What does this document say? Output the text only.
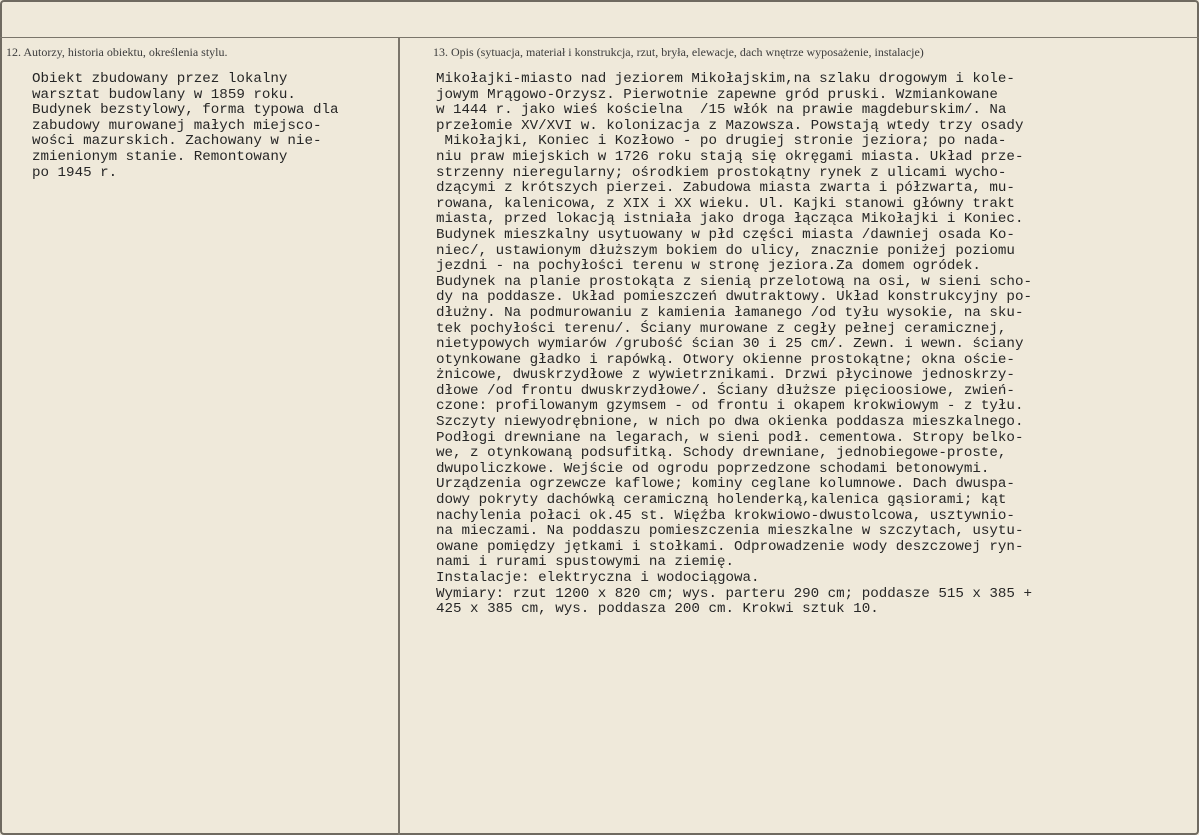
12. Autorzy, historia obiektu, określenia stylu.	13. Opis (sytuacja, materiał i konstrukcja, rzut, bryła, elewacje, dach wnętrze wyposażenie, instalacje)
Obiekt zbudowany przez lokalny
warsztat budowlany w 1859 roku.
Budynek bezstylowy, forma typowa dla
zabudowy murowanej małych miejsco-
wości mazurskich. Zachowany w nie-
zmienionym stanie. Remontowany
po 1945 r.
Mikołajki-miasto nad jeziorem Mikołajskim,na szlaku drogowym i kole-
jowym Mrągowo-Orzysz. Pierwotnie zapewne gród pruski. Wzmiankowane
w 1444 r. jako wieś kościelna  /15 włók na prawie magdeburskim/. Na
przełomie XV/XVI w. kolonizacja z Mazowsza. Powstają wtedy trzy osady
Mikołajki, Koniec i Kozłowo - po drugiej stronie jeziora; po nada-
niu praw miejskich w 1726 roku stają się okręgami miasta. Układ prze-
strzenny nieregularny; ośrodkiem prostokątny rynek z ulicami wycho-
dzącymi z krótszych pierzei. Zabudowa miasta zwarta i półzwarta, mu-
rowana, kalenicowa, z XIX i XX wieku. Ul. Kajki stanowi główny trakt
miasta, przed lokacją istniała jako droga łącząca Mikołajki i Koniec.
Budynek mieszkalny usytuowany w płd części miasta /dawniej osada Ko-
niec/, ustawionym dłuższym bokiem do ulicy, znacznie poniżej poziomu
jezdni - na pochyłości terenu w stronę jeziora.Za domem ogródek.
Budynek na planie prostokąta z sienią przelotową na osi, w sieni scho-
dy na poddasze. Układ pomieszczeń dwutraktowy. Układ konstrukcyjny po-
dłużny. Na podmurowaniu z kamienia łamanego /od tyłu wysokie, na sku-
tek pochyłości terenu/. Ściany murowane z cegły pełnej ceramicznej,
nietypowych wymiarów /grubość ścian 30 i 25 cm/. Zewn. i wewn. ściany
otynkowane gładko i rapówką. Otwory okienne prostokątne; okna oście-
żnicowe, dwuskrzydłowe z wywietrznikami. Drzwi płycinowe jednoskrzy-
dłowe /od frontu dwuskrzydłowe/. Ściany dłuższe pięcioosiowe, zwień-
czone: profilowanym gzymsem - od frontu i okapem krokwiowym - z tyłu.
Szczyty niewyodrębnione, w nich po dwa okienka poddasza mieszkalnego.
Podłogi drewniane na legarach, w sieni podł. cementowa. Stropy belko-
we, z otynkowaną podsufitką. Schody drewniane, jednobiegowe-proste,
dwupoliczkowe. Wejście od ogrodu poprzedzone schodami betonowymi.
Urządzenia ogrzewcze kaflowe; kominy ceglane kolumnowe. Dach dwuspa-
dowy pokryty dachówką ceramiczną holenderką,kalenica gąsiorami; kąt
nachylenia połaci ok.45 st. Więźba krokwiowo-dwustolcowa, usztywnio-
na mieczami. Na poddaszu pomieszczenia mieszkalne w szczytach, usytu-
owane pomiędzy jętkami i stołkami. Odprowadzenie wody deszczowej ryn-
nami i rurami spustowymi na ziemię.
Instalacje: elektryczna i wodociągowa.
Wymiary: rzut 1200 x 820 cm; wys. parteru 290 cm; poddasze 515 x 385 +
425 x 385 cm, wys. poddasza 200 cm. Krokwi sztuk 10.
